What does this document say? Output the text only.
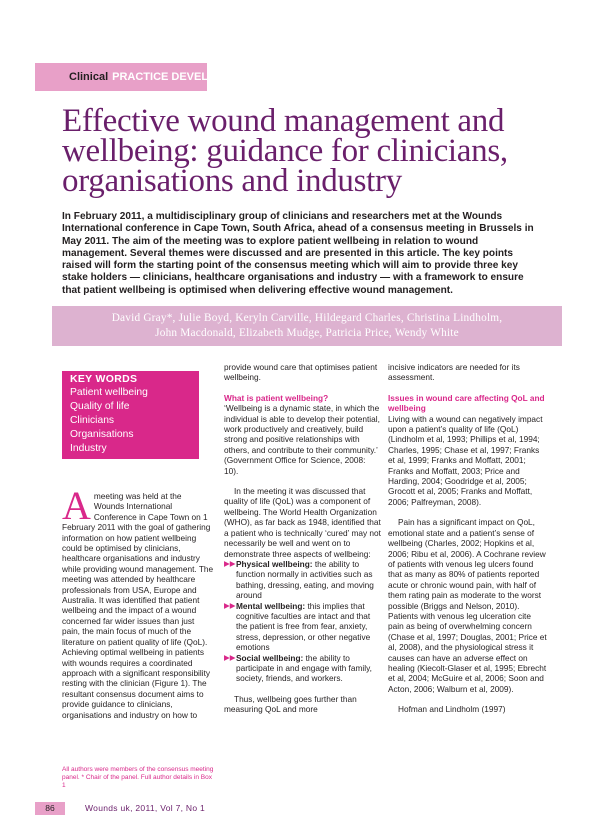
Clinical PRACTICE DEVELOPMENT
Effective wound management and
wellbeing: guidance for clinicians,
organisations and industry
In February 2011, a multidisciplinary group of clinicians and researchers met at the Wounds International conference in Cape Town, South Africa, ahead of a consensus meeting in Brussels in May 2011. The aim of the meeting was to explore patient wellbeing in relation to wound management. Several themes were discussed and are presented in this article. The key points raised will form the starting point of the consensus meeting which will aim to provide three key stake holders — clinicians, healthcare organisations and industry — with a framework to ensure that patient wellbeing is optimised when delivering effective wound management.
David Gray*, Julie Boyd, Keryln Carville, Hildegard Charles, Christina Lindholm,
John Macdonald, Elizabeth Mudge, Patricia Price, Wendy White
KEY WORDS
Patient wellbeing
Quality of life
Clinicians
Organisations
Industry
A meeting was held at the Wounds International Conference in Cape Town on 1 February 2011 with the goal of gathering information on how patient wellbeing could be optimised by clinicians, healthcare organisations and industry while providing wound management. The meeting was attended by healthcare professionals from USA, Europe and Australia. It was identified that patient wellbeing and the impact of a wound concerned far wider issues than just pain, the main focus of much of the literature on patient quality of life (QoL). Achieving optimal wellbeing in patients with wounds requires a coordinated approach with a significant responsibility resting with the clinician (Figure 1). The resultant consensus document aims to provide guidance to clinicians, organisations and industry on how to
All authors were members of the consensus meeting panel. * Chair of the panel. Full author details in Box 1

provide wound care that optimises patient wellbeing.

What is patient wellbeing?

‘Wellbeing is a dynamic state, in which the individual is able to develop their potential, work productively and creatively, build strong and positive relationships with others, and contribute to their community.’ (Government Office for Science, 2008: 10).

In the meeting it was discussed that quality of life (QoL) was a component of wellbeing. The World Health Organization (WHO), as far back as 1948, identified that a patient who is technically ‘cured’ may not necessarily be well and went on to demonstrate three aspects of wellbeing:

▶▶ Physical wellbeing: the ability to function normally in activities such as bathing, dressing, eating, and moving around
▶▶ Mental wellbeing: this implies that cognitive faculties are intact and that the patient is free from fear, anxiety, stress, depression, or other negative emotions
▶▶ Social wellbeing: the ability to participate in and engage with family, society, friends, and workers.

Thus, wellbeing goes further than measuring QoL and more

incisive indicators are needed for its assessment.

Issues in wound care affecting QoL and wellbeing

Living with a wound can negatively impact upon a patient’s quality of life (QoL) (Lindholm et al, 1993; Phillips et al, 1994; Charles, 1995; Chase et al, 1997; Franks et al, 1999; Franks and Moffatt, 2001; Franks and Moffatt, 2003; Price and Harding, 2004; Goodridge et al, 2005; Grocott et al, 2005; Franks and Moffatt, 2006; Palfreyman, 2008).

Pain has a significant impact on QoL, emotional state and a patient’s sense of wellbeing (Charles, 2002; Hopkins et al, 2006; Ribu et al, 2006). A Cochrane review of patients with venous leg ulcers found that as many as 80% of patients reported acute or chronic wound pain, with half of them rating pain as moderate to the worst possible (Briggs and Nelson, 2010). Patients with venous leg ulceration cite pain as being of overwhelming concern (Chase et al, 1997; Douglas, 2001; Price et al, 2008), and the physiological stress it causes can have an adverse effect on healing (Kiecolt-Glaser et al, 1995; Ebrecht et al, 2004; McGuire et al, 2006; Soon and Acton, 2006; Walburn et al, 2009).

Hofman and Lindholm (1997)

86	Wounds uk, 2011, Vol 7, No 1
